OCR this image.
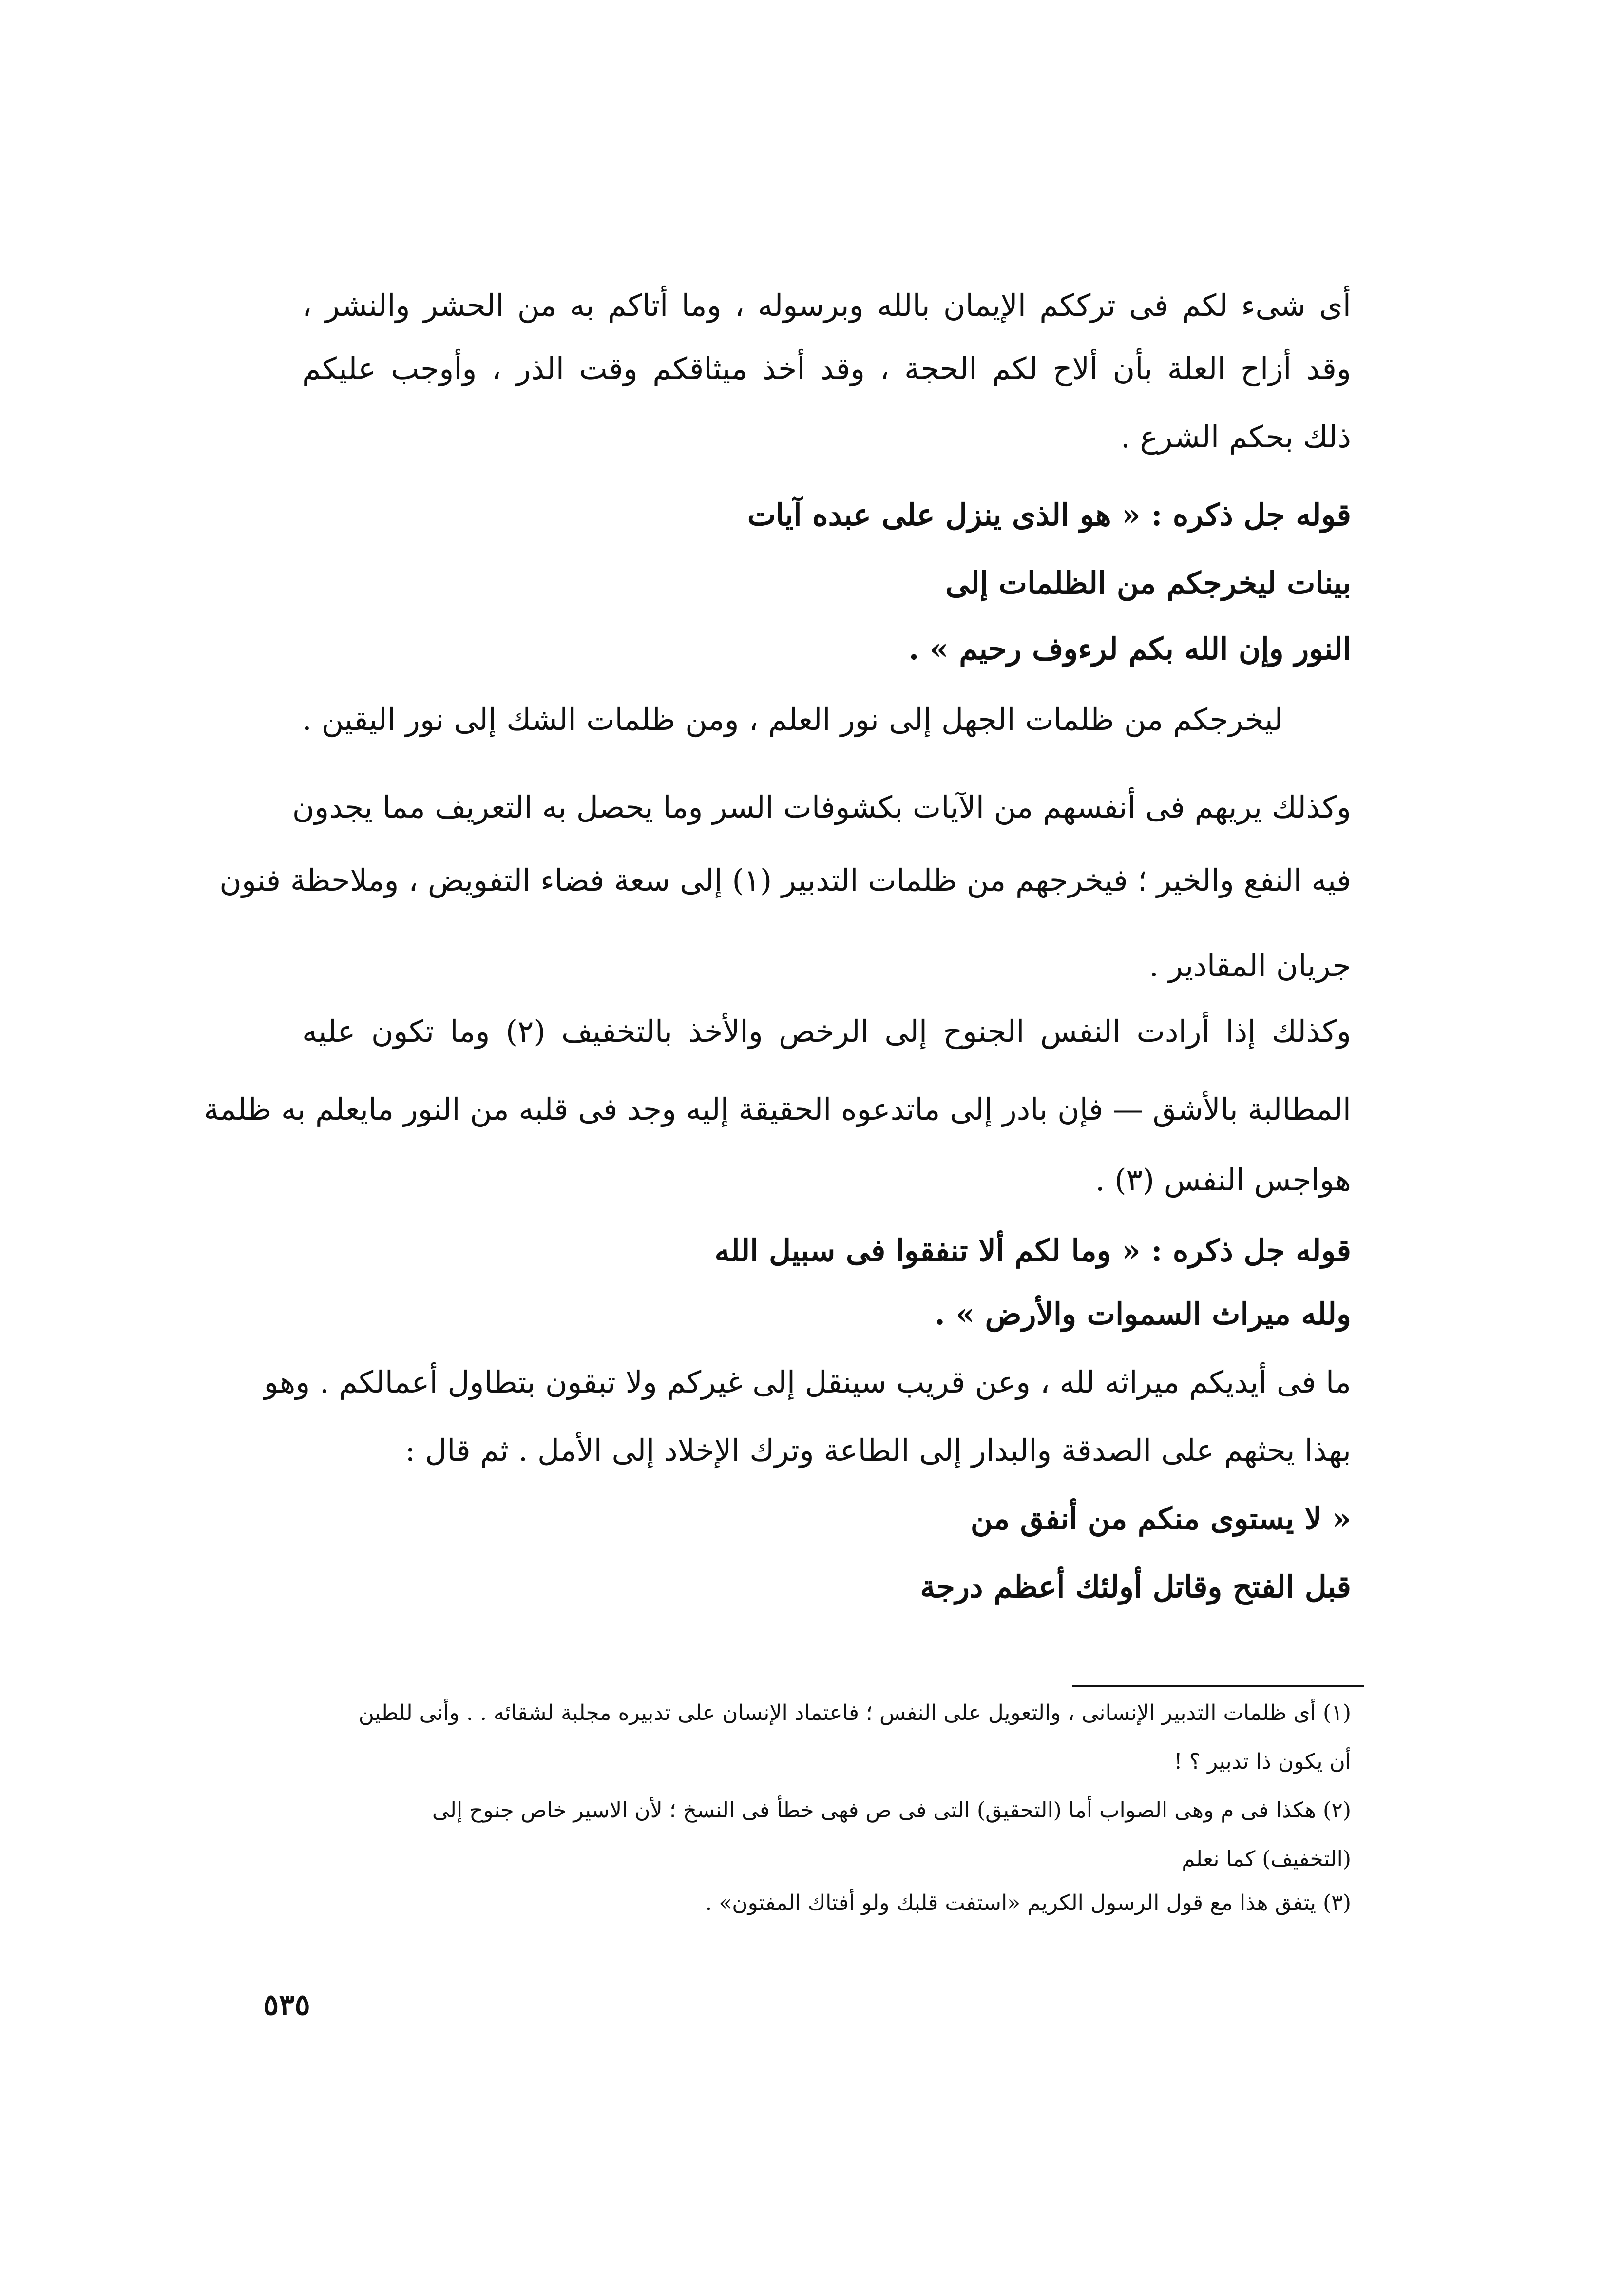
أى شىء لكم فى ترككم الإيمان بالله وبرسوله ، وما أتاكم به من الحشر والنشر ،
وقد أزاح العلة بأن ألاح لكم الحجة ، وقد أخذ ميثاقكم وقت الذر ، وأوجب عليكم
ذلك بحكم الشرع .
قوله جل ذكره : « هو الذى ينزل على عبده آيات
بينات ليخرجكم من الظلمات إلى
النور وإن الله بكم لرءوف رحيم » .
ليخرجكم من ظلمات الجهل إلى نور العلم ، ومن ظلمات الشك إلى نور اليقين .
وكذلك يريهم فى أنفسهم من الآيات بكشوفات السر وما يحصل به التعريف مما يجدون
فيه النفع والخير ؛ فيخرجهم من ظلمات التدبير (١) إلى سعة فضاء التفويض ، وملاحظة فنون
جريان المقادير .
وكذلك إذا أرادت النفس الجنوح إلى الرخص والأخذ بالتخفيف (٢) وما تكون عليه
المطالبة بالأشق — فإن بادر إلى ماتدعوه الحقيقة إليه وجد فى قلبه من النور مايعلم به ظلمة
هواجس النفس (٣) .
قوله جل ذكره : « وما لكم ألا تنفقوا فى سبيل الله
ولله ميراث السموات والأرض » .
ما فى أيديكم ميراثه لله ، وعن قريب سينقل إلى غيركم ولا تبقون بتطاول أعمالكم . وهو
بهذا يحثهم على الصدقة والبدار إلى الطاعة وترك الإخلاد إلى الأمل . ثم قال :
« لا يستوى منكم من أنفق من
قبل الفتح وقاتل أولئك أعظم درجة
(١) أى ظلمات التدبير الإنسانى ، والتعويل على النفس ؛ فاعتماد الإنسان على تدبيره مجلبة لشقائه . . وأنى للطين
أن يكون ذا تدبير ؟ !
(٢) هكذا فى م وهى الصواب أما (التحقيق) التى فى ص فهى خطأ فى النسخ ؛ لأن الاسير خاص جنوح إلى
(التخفيف) كما نعلم
(٣) يتفق هذا مع قول الرسول الكريم «استفت قلبك ولو أفتاك المفتون» .
٥٣٥
